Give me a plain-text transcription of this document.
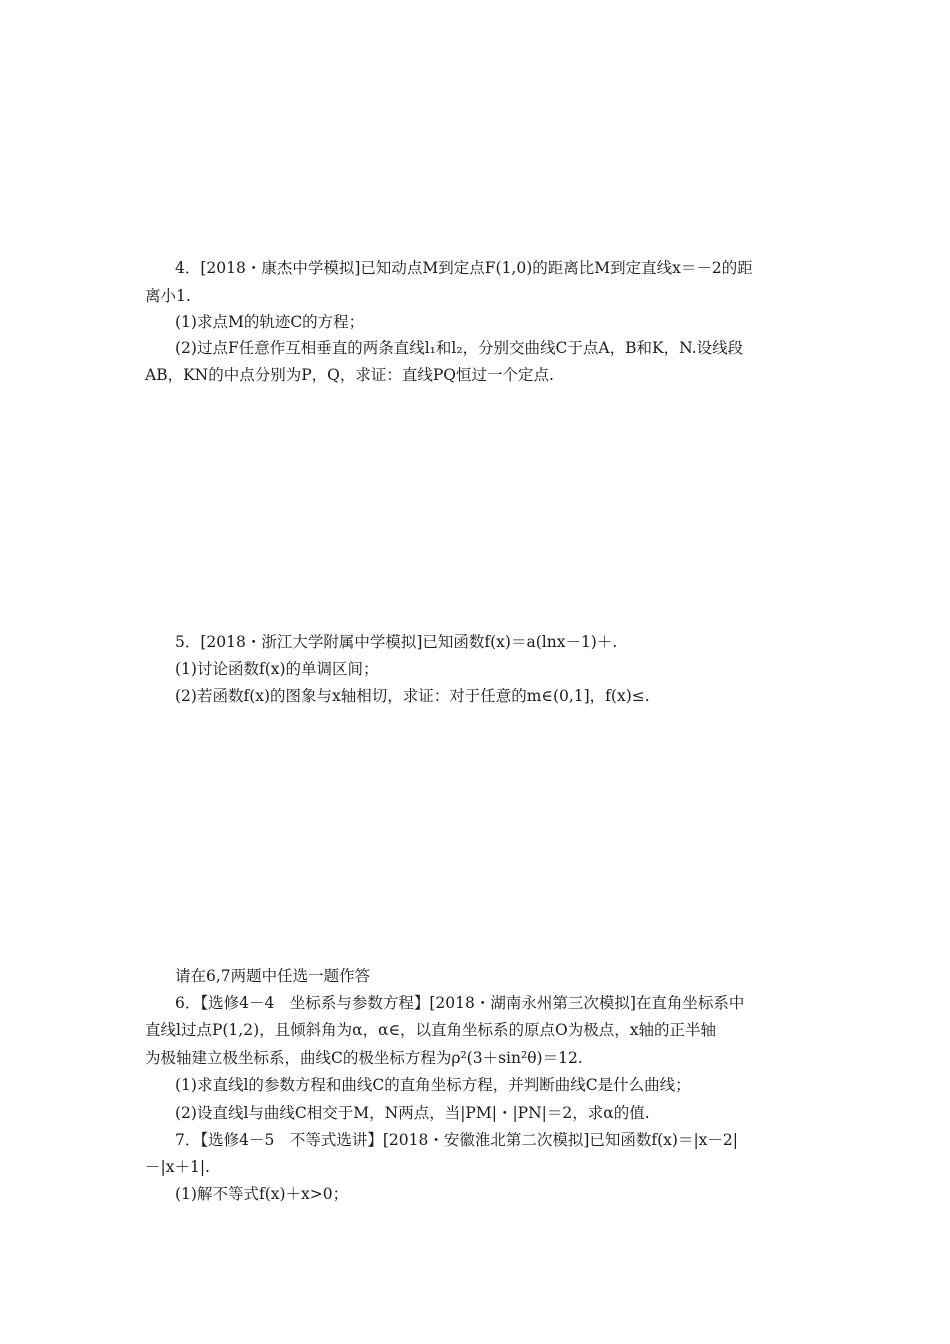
4．[2018・康杰中学模拟]已知动点M到定点F(1,0)的距离比M到定直线x＝－2的距
离小1.
(1)求点M的轨迹C的方程；
(2)过点F任意作互相垂直的两条直线l₁和l₂，分别交曲线C于点A，B和K，N.设线段
AB，KN的中点分别为P，Q，求证：直线PQ恒过一个定点.
5．[2018・浙江大学附属中学模拟]已知函数f(x)＝a(lnx－1)＋.
(1)讨论函数f(x)的单调区间；
(2)若函数f(x)的图象与x轴相切，求证：对于任意的m∈(0,1]，f(x)≤.
请在6,7两题中任选一题作答
6．【选修4－4　坐标系与参数方程】[2018・湖南永州第三次模拟]在直角坐标系中
直线l过点P(1,2)，且倾斜角为α，α∈，以直角坐标系的原点O为极点，x轴的正半轴
为极轴建立极坐标系，曲线C的极坐标方程为ρ²(3＋sin²θ)＝12.
(1)求直线l的参数方程和曲线C的直角坐标方程，并判断曲线C是什么曲线；
(2)设直线l与曲线C相交于M，N两点，当|PM|・|PN|＝2，求α的值.
7．【选修4－5　不等式选讲】[2018・安徽淮北第二次模拟]已知函数f(x)＝|x－2|
－|x＋1|.
(1)解不等式f(x)＋x>0；
